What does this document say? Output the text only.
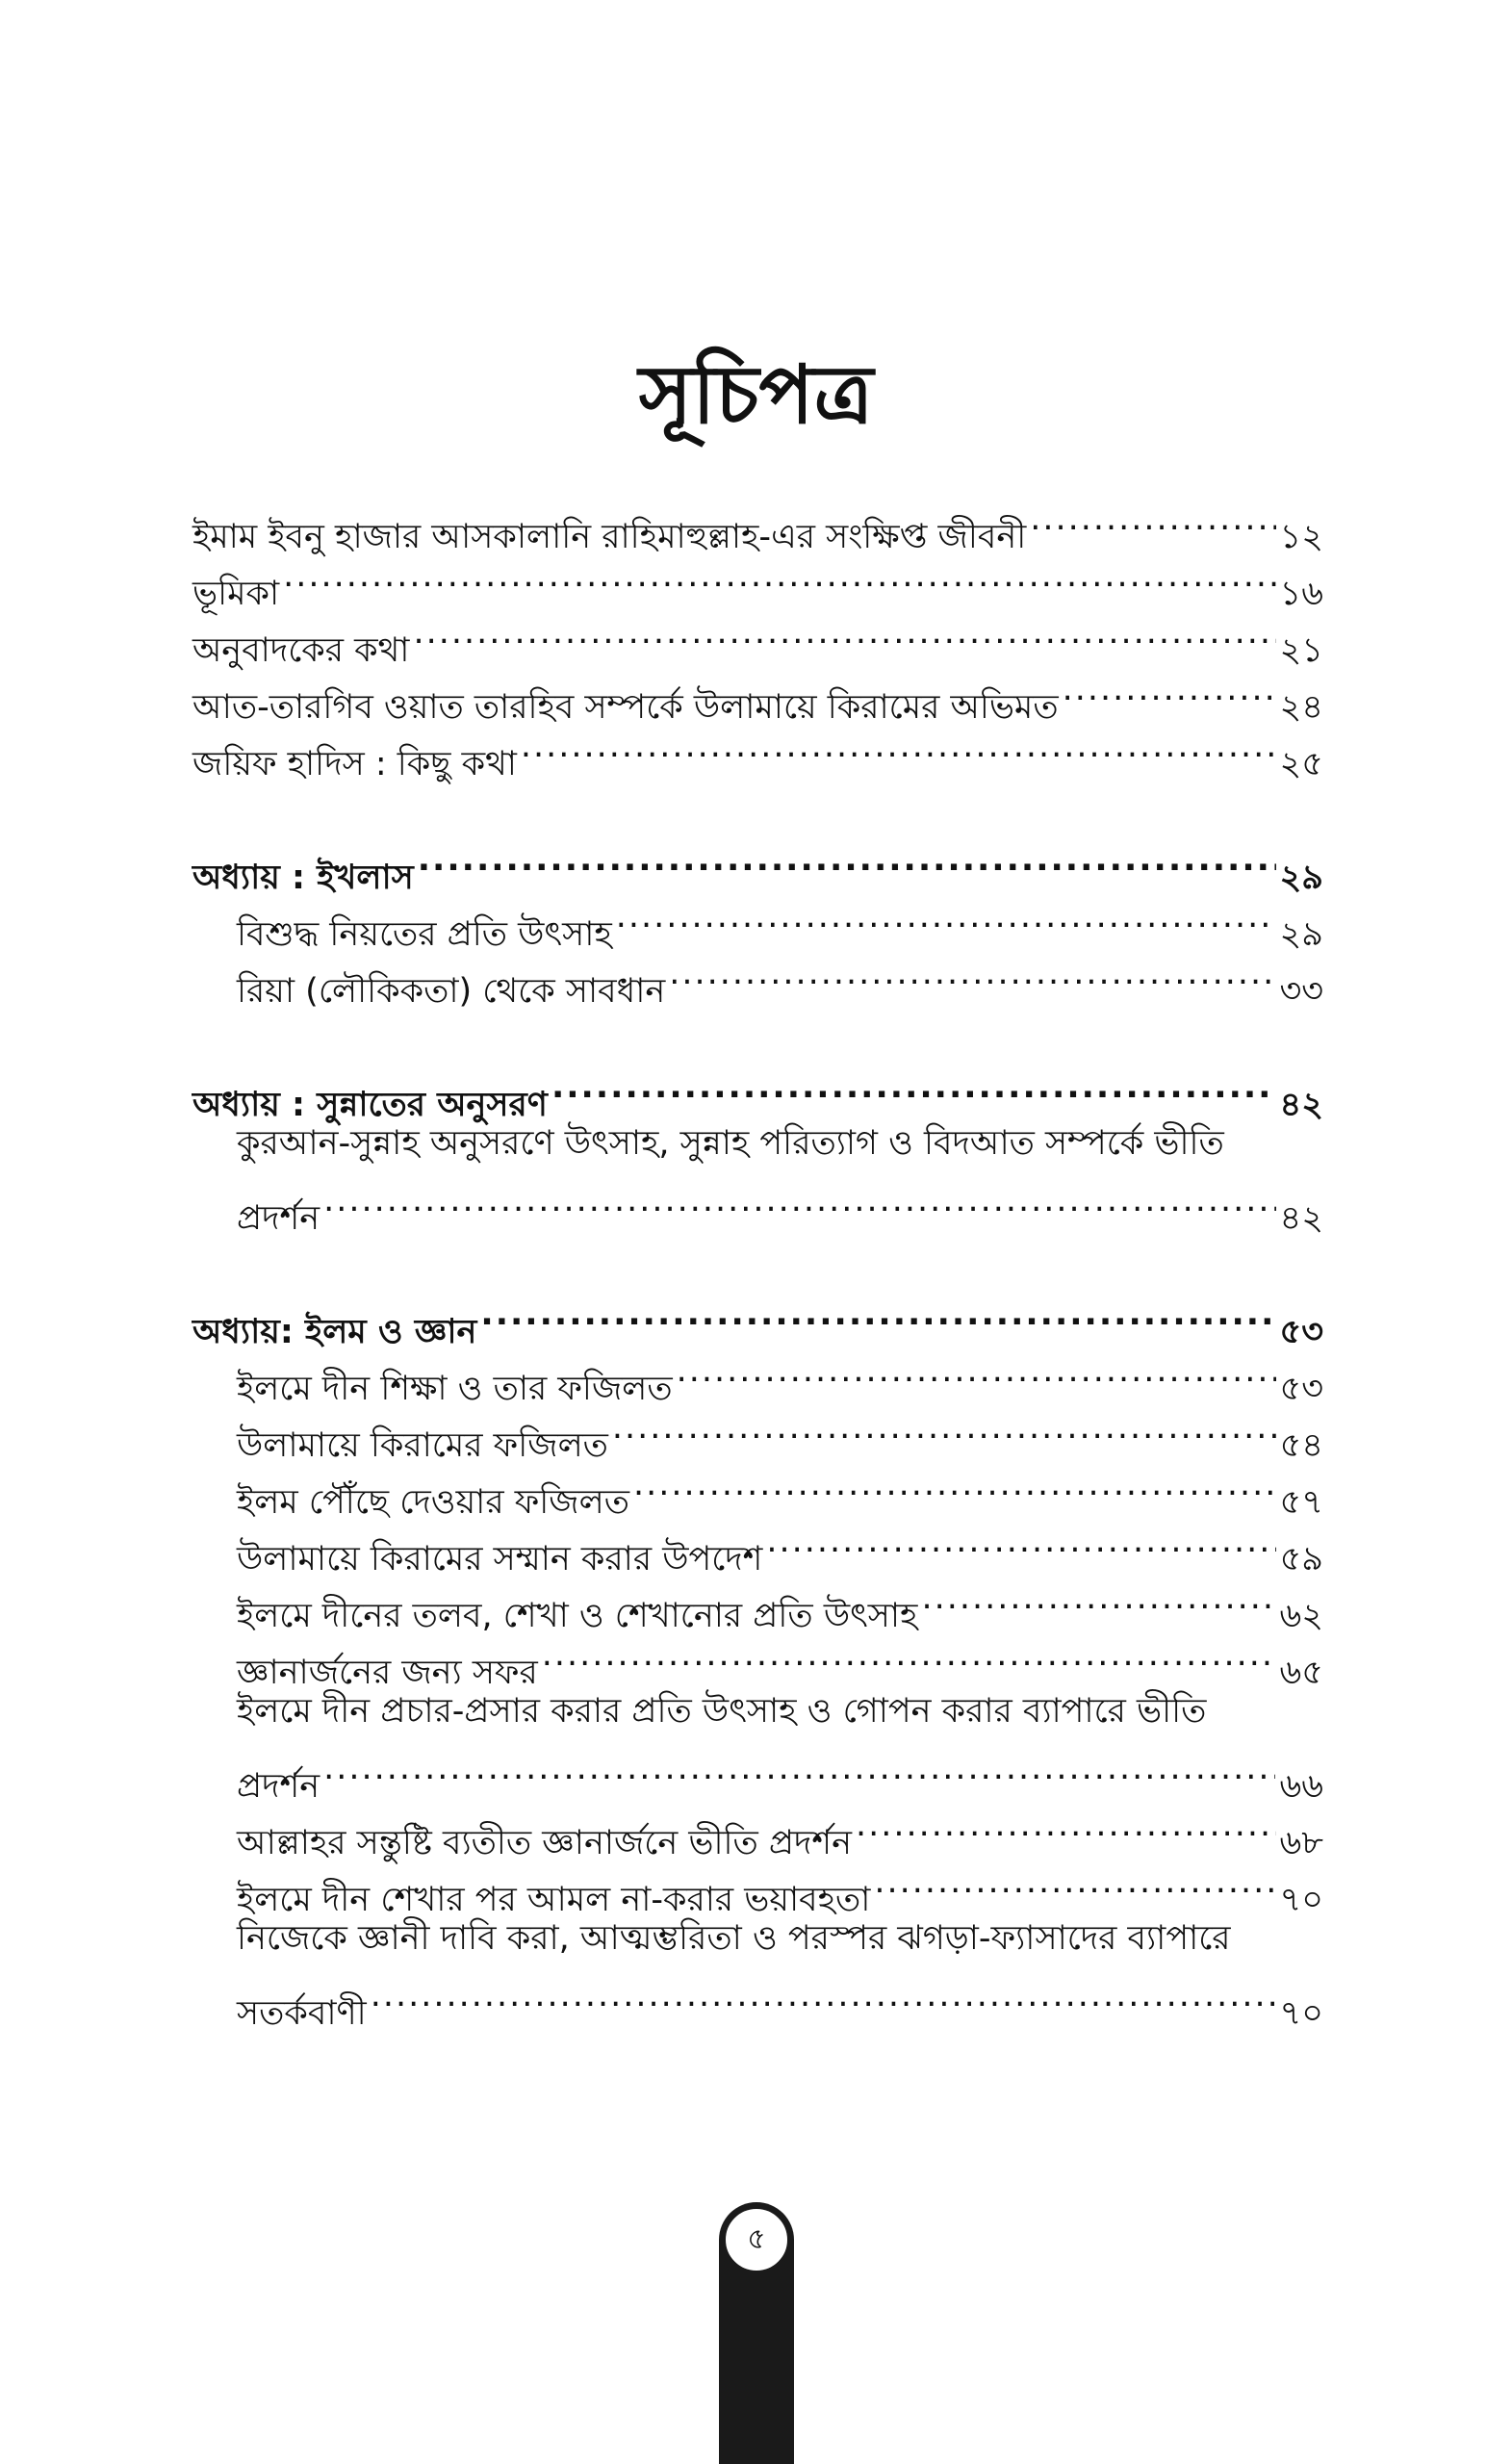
সূচিপত্র
ইমাম ইবনু হাজার আসকালানি রাহিমাহুল্লাহ-এর সংক্ষিপ্ত জীবনী .....	১২
ভূমিকা .....	১৬
অনুবাদকের কথা .....	২১
আত-তারগিব ওয়াত তারহিব সম্পর্কে উলামায়ে কিরামের অভিমত .....	২৪
জয়িফ হাদিস : কিছু কথা .....	২৫
অধ্যায় : ইখলাস .....	২৯
বিশুদ্ধ নিয়তের প্রতি উৎসাহ .....	২৯
রিয়া (লৌকিকতা) থেকে সাবধান .....	৩৩
অধ্যায় : সুন্নাতের অনুসরণ .....	৪২
কুরআন-সুন্নাহ অনুসরণে উৎসাহ, সুন্নাহ পরিত্যাগ ও বিদআত সম্পর্কে ভীতি
প্রদর্শন .....	৪২
অধ্যায়: ইলম ও জ্ঞান .....	৫৩
ইলমে দীন শিক্ষা ও তার ফজিলত .....	৫৩
উলামায়ে কিরামের ফজিলত .....	৫৪
ইলম পৌঁছে দেওয়ার ফজিলত .....	৫৭
উলামায়ে কিরামের সম্মান করার উপদেশ .....	৫৯
ইলমে দীনের তলব, শেখা ও শেখানোর প্রতি উৎসাহ .....	৬২
জ্ঞানার্জনের জন্য সফর .....	৬৫
ইলমে দীন প্রচার-প্রসার করার প্রতি উৎসাহ ও গোপন করার ব্যাপারে ভীতি
প্রদর্শন .....	৬৬
আল্লাহর সন্তুষ্টি ব্যতীত জ্ঞানার্জনে ভীতি প্রদর্শন .....	৬৮
ইলমে দীন শেখার পর আমল না-করার ভয়াবহতা .....	৭০
নিজেকে জ্ঞানী দাবি করা, আত্মম্ভরিতা ও পরস্পর ঝগড়া-ফ্যাসাদের ব্যাপারে
সতর্কবাণী .....	৭০
৫
